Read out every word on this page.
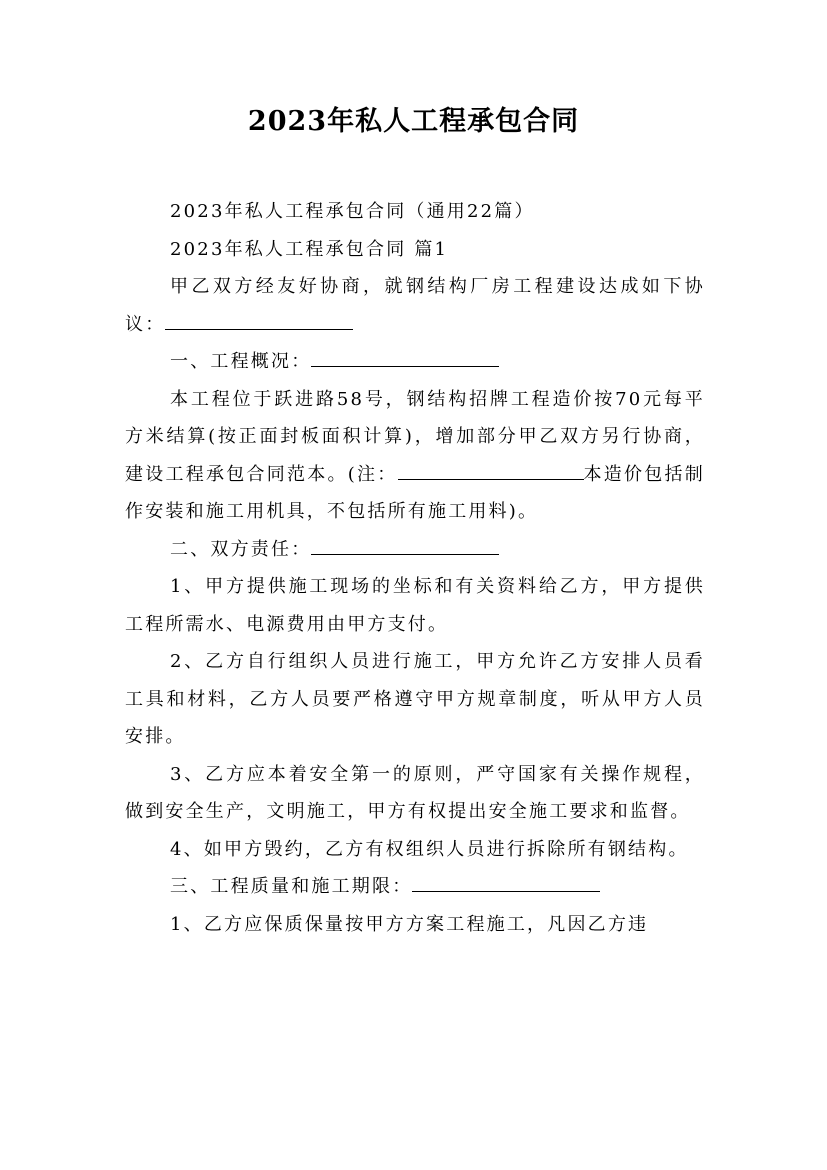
2023年私人工程承包合同

2023年私人工程承包合同（通用22篇）

2023年私人工程承包合同 篇1

甲乙双方经友好协商，就钢结构厂房工程建设达成如下协议：

一、工程概况：

本工程位于跃进路58号，钢结构招牌工程造价按70元每平方米结算(按正面封板面积计算)，增加部分甲乙双方另行协商，建设工程承包合同范本。(注：	本造价包括制作安装和施工用机具，不包括所有施工用料)。

二、双方责任：

1、甲方提供施工现场的坐标和有关资料给乙方，甲方提供工程所需水、电源费用由甲方支付。

2、乙方自行组织人员进行施工，甲方允许乙方安排人员看工具和材料，乙方人员要严格遵守甲方规章制度，听从甲方人员安排。

3、乙方应本着安全第一的原则，严守国家有关操作规程，做到安全生产，文明施工，甲方有权提出安全施工要求和监督。

4、如甲方毁约，乙方有权组织人员进行拆除所有钢结构。

三、工程质量和施工期限：

1、乙方应保质保量按甲方方案工程施工，凡因乙方违
